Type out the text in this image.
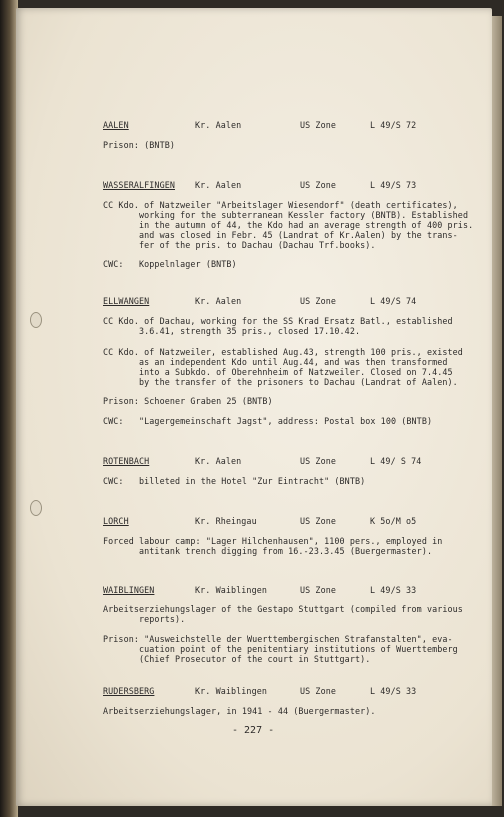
AALEN	Kr. Aalen	US Zone	L 49/S 72

Prison: (BNTB)

WASSERALFINGEN Kr. Aalen	US Zone	L 49/S 73

CC Kdo. of Natzweiler "Arbeitslager Wiesendorf" (death certificates),

working for the subterranean Kessler factory (BNTB). Established

in the autumn of 44, the Kdo had an average strength of 400 pris.

and was closed in Febr. 45 (Landrat of Kr.Aalen) by the trans-

fer of the pris. to Dachau (Dachau Trf.books).

CWC:   Koppelnlager (BNTB)

ELLWANGEN	Kr. Aalen	US Zone	L 49/S 74

CC Kdo. of Dachau, working for the SS Krad Ersatz Batl., established

3.6.41, strength 35 pris., closed 17.10.42.

CC Kdo. of Natzweiler, established Aug.43, strength 100 pris., existed

as an independent Kdo until Aug.44, and was then transformed

into a Subkdo. of Oberehnheim of Natzweiler. Closed on 7.4.45

by the transfer of the prisoners to Dachau (Landrat of Aalen).

Prison: Schoener Graben 25 (BNTB)

CWC:   "Lagergemeinschaft Jagst", address: Postal box 100 (BNTB)

ROTENBACH	Kr. Aalen	US Zone	L 49/ S 74

CWC:   billeted in the Hotel "Zur Eintracht" (BNTB)

LORCH	Kr. Rheingau	US Zone	K 5o/M o5

Forced labour camp: "Lager Hilchenhausen", 1100 pers., employed in

antitank trench digging from 16.-23.3.45 (Buergermaster).

WAIBLINGEN	Kr. Waiblingen	US Zone	L 49/S 33

Arbeitserziehungslager of the Gestapo Stuttgart (compiled from various

reports).

Prison: "Ausweichstelle der Wuerttembergischen Strafanstalten", eva-

cuation point of the penitentiary institutions of Wuerttemberg

(Chief Prosecutor of the court in Stuttgart).

RUDERSBERG	Kr. Waiblingen	US Zone	L 49/S 33

Arbeitserziehungslager, in 1941 - 44 (Buergermaster).

- 227 -
